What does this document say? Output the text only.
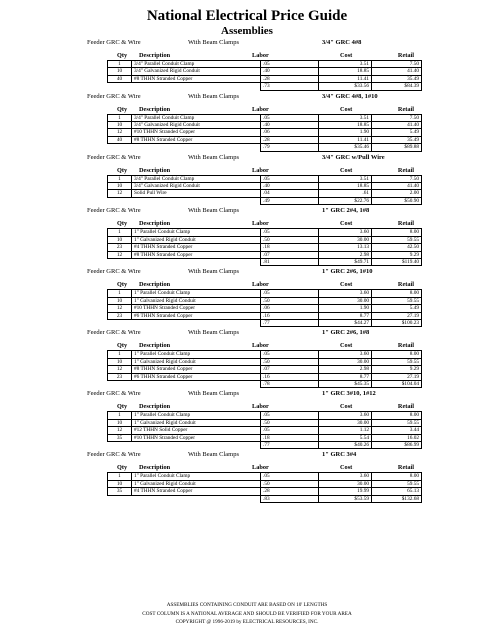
National Electrical Price Guide
Assemblies
Feeder GRC & Wire	With Beam Clamps	3/4" GRC 4#8
Qty Description	Labor	Cost	Retail
1	3/4" Parallel Conduit Clamp	.05	3.51	7.50
10	3/4" Galvanized Rigid Conduit	.40	18.85	41.40
40	#8 THHN Stranded Copper	.28	11.41	35.49
		.73	$33.56	$84.39
Feeder GRC & Wire	With Beam Clamps	3/4" GRC 4#8, 1#10
Qty Description	Labor	Cost	Retail
1	3/4" Parallel Conduit Clamp	.05	3.51	7.50
10	3/4" Galvanized Rigid Conduit	.40	18.85	41.40
12	#10 THHN Stranded Copper	.06	1.90	5.49
40	#8 THHN Stranded Copper	.28	11.41	35.49
		.79	$35.46	$89.88
Feeder GRC & Wire	With Beam Clamps	3/4" GRC w/Pull Wire
Qty Description	Labor	Cost	Retail
1	3/4" Parallel Conduit Clamp	.05	3.51	7.50
10	3/4" Galvanized Rigid Conduit	.40	18.85	41.40
12	Solid Pull Wire	.04	.61	2.00
		.49	$22.76	$50.90
Feeder GRC & Wire	With Beam Clamps	1" GRC 2#4, 1#8
Qty Description	Labor	Cost	Retail
1	1" Parallel Conduit Clamp	.05	3.60	8.00
10	1" Galvanized Rigid Conduit	.50	30.00	59.55
23	#4 THHN Stranded Copper	.18	13.13	42.50
12	#8 THHN Stranded Copper	.07	2.98	9.29
		.81	$49.71	$119.40
Feeder GRC & Wire	With Beam Clamps	1" GRC 2#6, 1#10
Qty Description	Labor	Cost	Retail
1	1" Parallel Conduit Clamp	.05	3.60	8.00
10	1" Galvanized Rigid Conduit	.50	30.00	59.55
12	#10 THHN Stranded Copper	.06	1.90	5.49
23	#6 THHN Stranded Copper	.16	8.77	27.19
		.77	$44.27	$100.23
Feeder GRC & Wire	With Beam Clamps	1" GRC 2#6, 1#8
Qty Description	Labor	Cost	Retail
1	1" Parallel Conduit Clamp	.05	3.60	8.00
10	1" Galvanized Rigid Conduit	.50	30.00	59.55
12	#8 THHN Stranded Copper	.07	2.98	9.29
23	#6 THHN Stranded Copper	.16	8.77	27.19
		.78	$45.35	$104.04
Feeder GRC & Wire	With Beam Clamps	1" GRC 3#10, 1#12
Qty Description	Labor	Cost	Retail
1	1" Parallel Conduit Clamp	.05	3.60	8.00
10	1" Galvanized Rigid Conduit	.50	30.00	59.55
12	#12 THHN Solid Copper	.05	1.12	3.44
35	#10 THHN Stranded Copper	.18	5.54	16.02
		.77	$40.26	$86.99
Feeder GRC & Wire	With Beam Clamps	1" GRC 3#4
Qty Description	Labor	Cost	Retail
1	1" Parallel Conduit Clamp	.05	3.60	8.00
10	1" Galvanized Rigid Conduit	.50	30.00	59.55
35	#4 THHN Stranded Copper	.28	19.99	65.13
		.83	$53.59	$132.68
ASSEMBLIES CONTAINING CONDUIT ARE BASED ON 10' LENGTHS
COST COLUMN IS A NATIONAL AVERAGE AND SHOULD BE VERIFIED FOR YOUR AREA
COPYRIGHT @ 1996-2019 by ELECTRICAL RESOURCES, INC.
